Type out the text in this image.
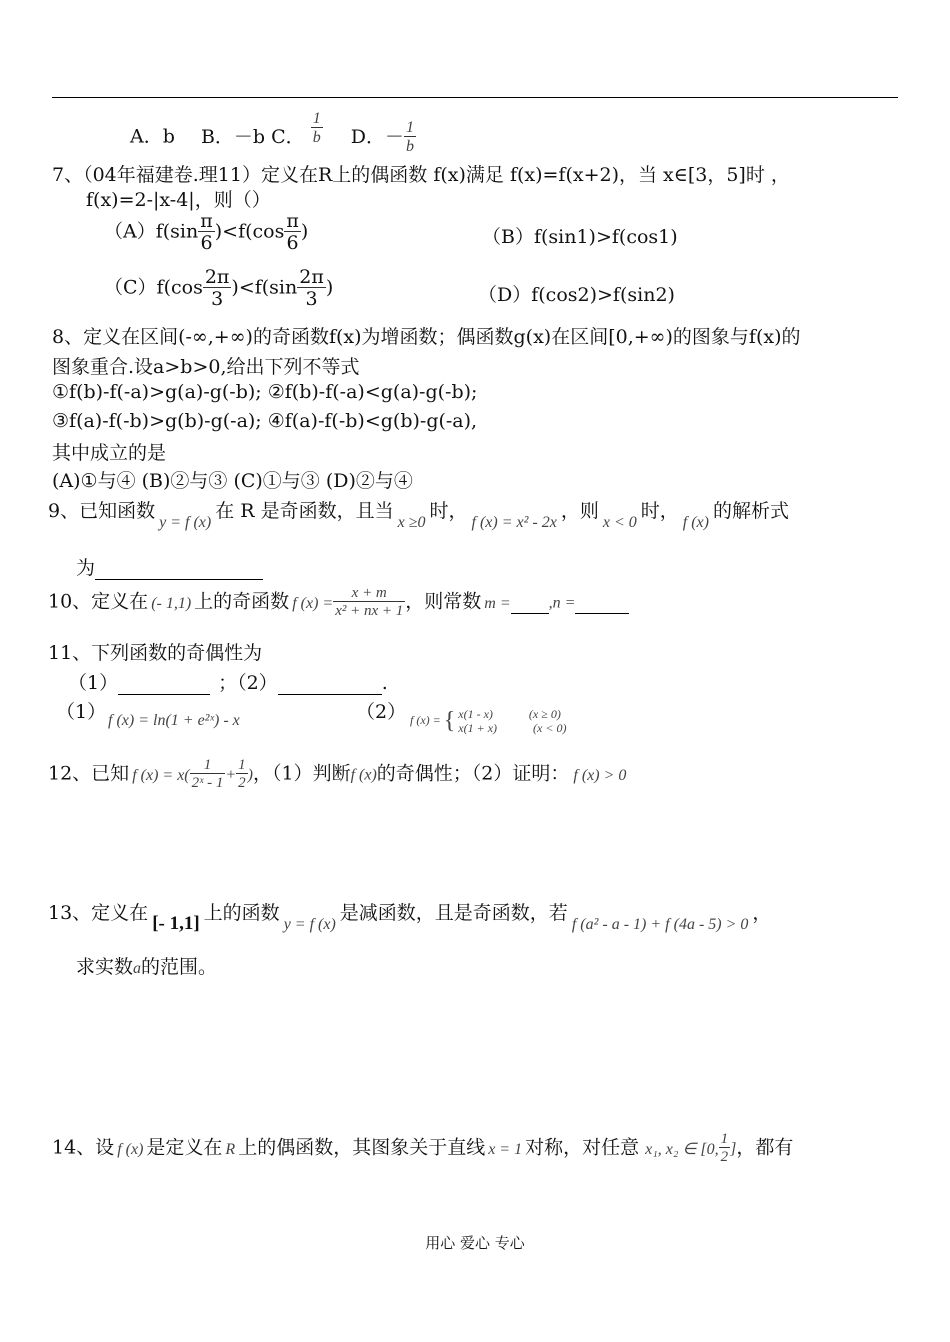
A．b B．－b C． $\frac{1}{b}$ D．－ $\frac{1}{b}$
7、（04年福建卷.理11）定义在R上的偶函数 f(x)满足 f(x)=f(x+2)，当 x∈[3，5]时 ，
f(x)=2-|x-4|，则（）
$(A)f(\sin \frac{\pi}{6} )<f(\cos \frac{\pi}{6}$ )	（B）f(sin1)>f(cos1)
$(C)f(\cos \frac{2\pi}{3} )<f(\sin \frac{2\pi}{3}$ )	（D）f(cos2)>f(sin2)
8、定义在区间(-∞,+∞)的奇函数f(x)为增函数；偶函数g(x)在区间[0,+∞)的图象与f(x)的
图象重合.设a>b>0,给出下列不等式
①f(b)-f(-a)>g(a)-g(-b); ②f(b)-f(-a)<g(a)-g(-b);
③f(a)-f(-b)>g(b)-g(-a); ④f(a)-f(-b)<g(b)-g(-a),
其中成立的是
(A)①与④ (B)②与③ (C)①与③ (D)②与④
9、已知函数$_{y = f (x)}$在 R 是奇函数，且当$_{x \ge 0}$时，$_{f (x) = x^2 - 2x}$，则$_{x < 0}$时，$_{f (x)}$的解析式
为
10、定义在 (- 1,1) 上的奇函数 f $(x) = \frac{x + m}{\text{x² + nx + 1}}$ ，则常数 m = ,n =
11、下列函数的奇偶性为
（1）	；（2）	.
（1） f (x) = ln(1 + e²ˣ) - x	（2） f (x) = { x(1 - x)	(x ≥ 0)
x(1 + x)	(x < 0)
12、已知 f $(x) = x( \frac{1}{\text{2ˣ - 1}} + \frac{1}{2}$ )，（1）判断f (x)的奇偶性；（2）证明： f (x) > 0
13、定义在 [- 1,1] 上的函数$_{y = f (x)}$是减函数，且是奇函数，若$_{f (a^2 - a - 1) + f (4a - 5) > 0}$，
求实数a的范围。
14、设 f (x) 是定义在 R 上的偶函数，其图象关于直线 x = 1 对称，对任意 x₁, x₂ ∈ [0, $\frac{1}{2}$ ]，都有
用心 爱心 专心
